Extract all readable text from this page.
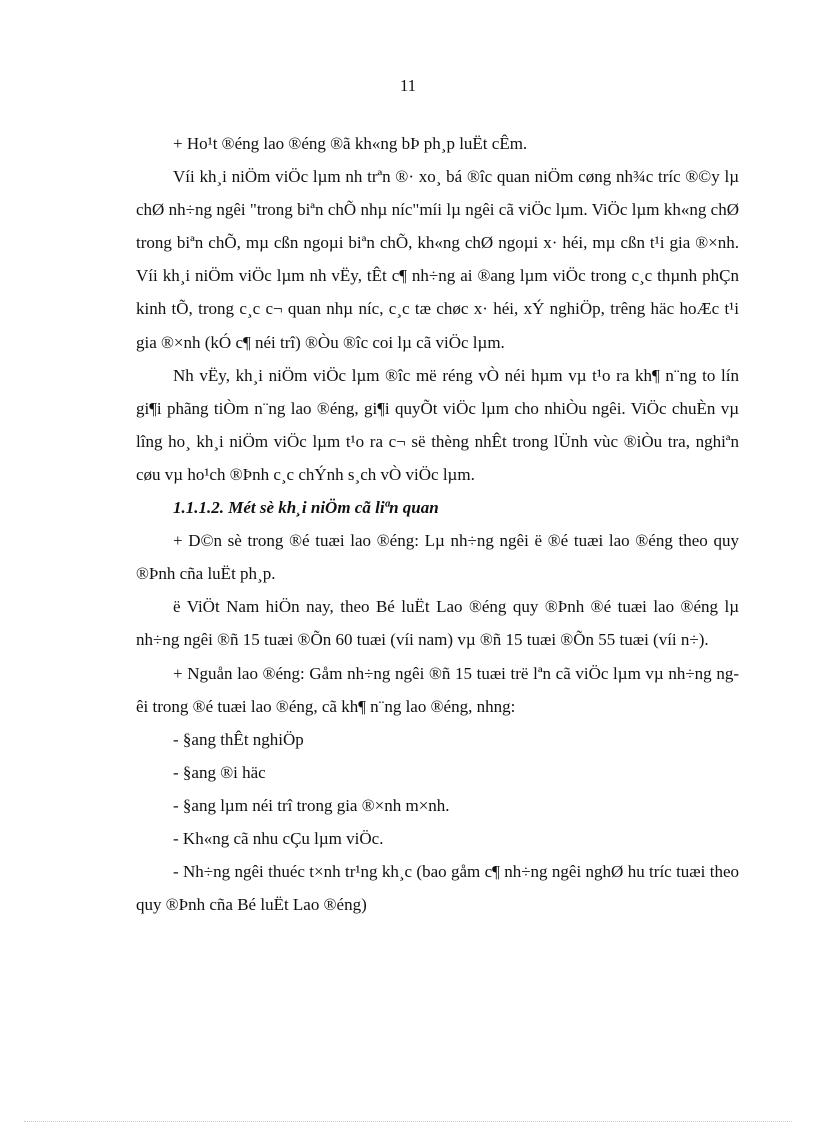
11

+ Ho¹t ®éng lao ®éng ®ã kh«ng bÞ ph¸p luËt cÊm.

Víi kh¸i niÖm viÖc lµm nh trªn ®· xo¸ bá ®îc quan niÖm cøng nh¾c tríc ®©y lµ chØ nh÷ng ngêi "trong biªn chÕ nhµ níc"míi lµ ngêi cã viÖc lµm. ViÖc lµm kh«ng chØ trong biªn chÕ, mµ cßn ngoµi biªn chÕ, kh«ng chØ ngoµi x· héi, mµ cßn t¹i gia ®×nh. Víi kh¸i niÖm viÖc lµm nh vËy, tÊt c¶ nh÷ng ai ®ang lµm viÖc trong c¸c thµnh phÇn kinh tÕ, trong c¸c c¬ quan nhµ níc, c¸c tæ chøc x· héi, xÝ nghiÖp, trêng häc hoÆc t¹i gia ®×nh (kÓ c¶ néi trî) ®Òu ®îc coi lµ cã viÖc lµm.

Nh vËy, kh¸i niÖm viÖc lµm ®îc më réng vÒ néi hµm vµ t¹o ra kh¶ n¨ng to lín gi¶i phãng tiÒm n¨ng lao ®éng, gi¶i quyÕt viÖc lµm cho nhiÒu ngêi. ViÖc chuÈn vµ lîng ho¸ kh¸i niÖm viÖc lµm t¹o ra c¬ së thèng nhÊt trong lÜnh vùc ®iÒu tra, nghiªn cøu vµ ho¹ch ®Þnh c¸c chÝnh s¸ch vÒ viÖc lµm.

1.1.1.2. Mét sè kh¸i niÖm cã liªn quan

+ D©n sè trong ®é tuæi lao ®éng: Lµ nh÷ng ngêi ë ®é tuæi lao ®éng theo quy ®Þnh cña luËt ph¸p.

ë ViÖt Nam hiÖn nay, theo Bé luËt Lao ®éng quy ®Þnh ®é tuæi lao ®éng lµ nh÷ng ngêi ®ñ 15 tuæi ®Õn 60 tuæi (víi nam) vµ ®ñ 15 tuæi ®Õn 55 tuæi (víi n÷).

+ Nguån lao ®éng: Gåm nh÷ng ngêi ®ñ 15 tuæi trë lªn cã viÖc lµm vµ nh÷ng ngêi trong ®é tuæi lao ®éng, cã kh¶ n¨ng lao ®éng, nhng:

- §ang thÊt nghiÖp

- §ang ®i häc

- §ang lµm néi trî trong gia ®×nh m×nh.

- Kh«ng cã nhu cÇu lµm viÖc.

- Nh÷ng ngêi thuéc t×nh tr¹ng kh¸c (bao gåm c¶ nh÷ng ngêi nghØ hu tríc tuæi theo quy ®Þnh cña Bé luËt Lao ®éng)
